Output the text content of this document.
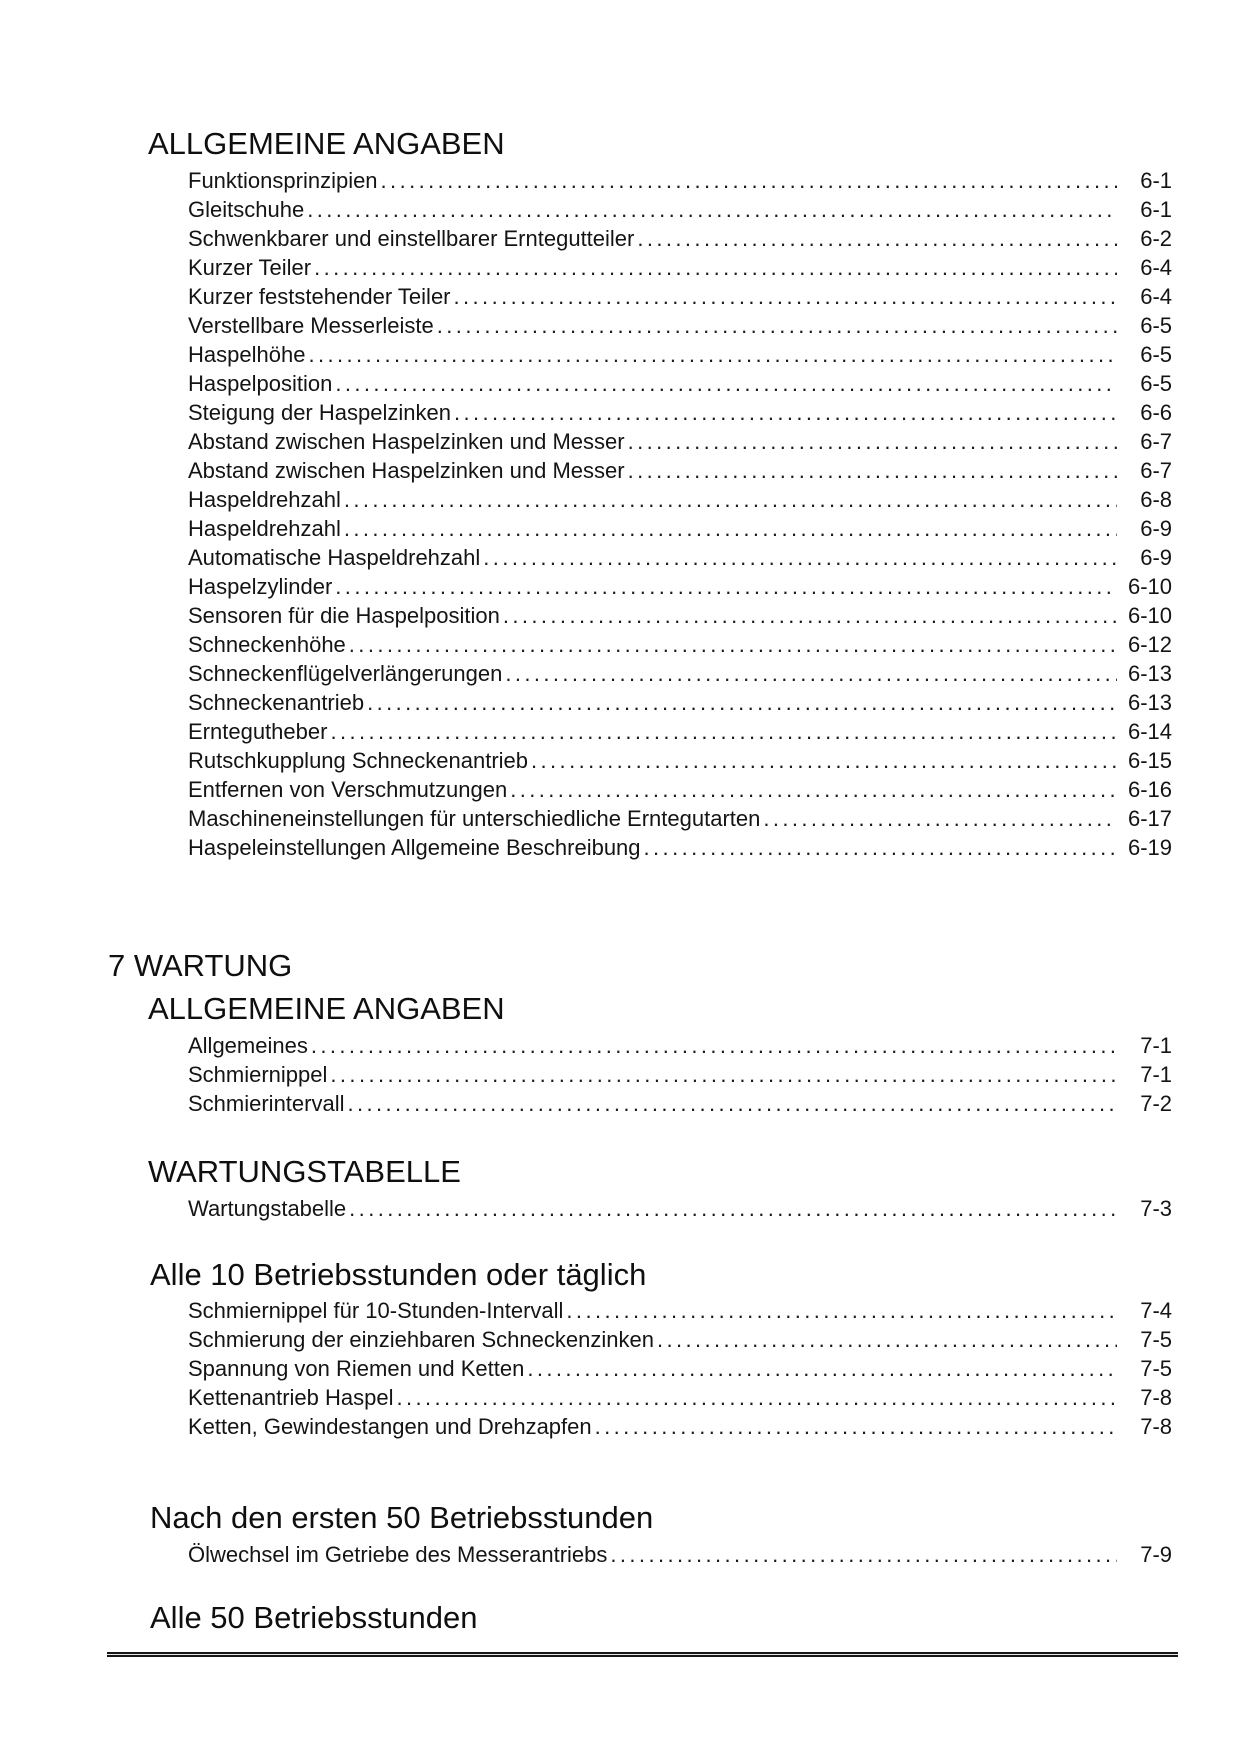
ALLGEMEINE ANGABEN
Funktionsprinzipien .....	6-1
Gleitschuhe .....	6-1
Schwenkbarer und einstellbarer Erntegutteiler .....	6-2
Kurzer Teiler .....	6-4
Kurzer feststehender Teiler .....	6-4
Verstellbare Messerleiste .....	6-5
Haspelhöhe .....	6-5
Haspelposition .....	6-5
Steigung der Haspelzinken .....	6-6
Abstand zwischen Haspelzinken und Messer .....	6-7
Abstand zwischen Haspelzinken und Messer .....	6-7
Haspeldrehzahl .....	6-8
Haspeldrehzahl .....	6-9
Automatische Haspeldrehzahl .....	6-9
Haspelzylinder .....	6-10
Sensoren für die Haspelposition .....	6-10
Schneckenhöhe .....	6-12
Schneckenflügelverlängerungen .....	6-13
Schneckenantrieb .....	6-13
Erntegutheber .....	6-14
Rutschkupplung Schneckenantrieb .....	6-15
Entfernen von Verschmutzungen .....	6-16
Maschineneinstellungen für unterschiedliche Erntegutarten .....	6-17
Haspeleinstellungen Allgemeine Beschreibung .....	6-19
7 WARTUNG
ALLGEMEINE ANGABEN
Allgemeines .....	7-1
Schmiernippel .....	7-1
Schmierintervall .....	7-2
WARTUNGSTABELLE
Wartungstabelle .....	7-3
Alle 10 Betriebsstunden oder täglich
Schmiernippel für 10-Stunden-Intervall .....	7-4
Schmierung der einziehbaren Schneckenzinken .....	7-5
Spannung von Riemen und Ketten .....	7-5
Kettenantrieb Haspel .....	7-8
Ketten, Gewindestangen und Drehzapfen .....	7-8
Nach den ersten 50 Betriebsstunden
Ölwechsel im Getriebe des Messerantriebs .....	7-9
Alle 50 Betriebsstunden
